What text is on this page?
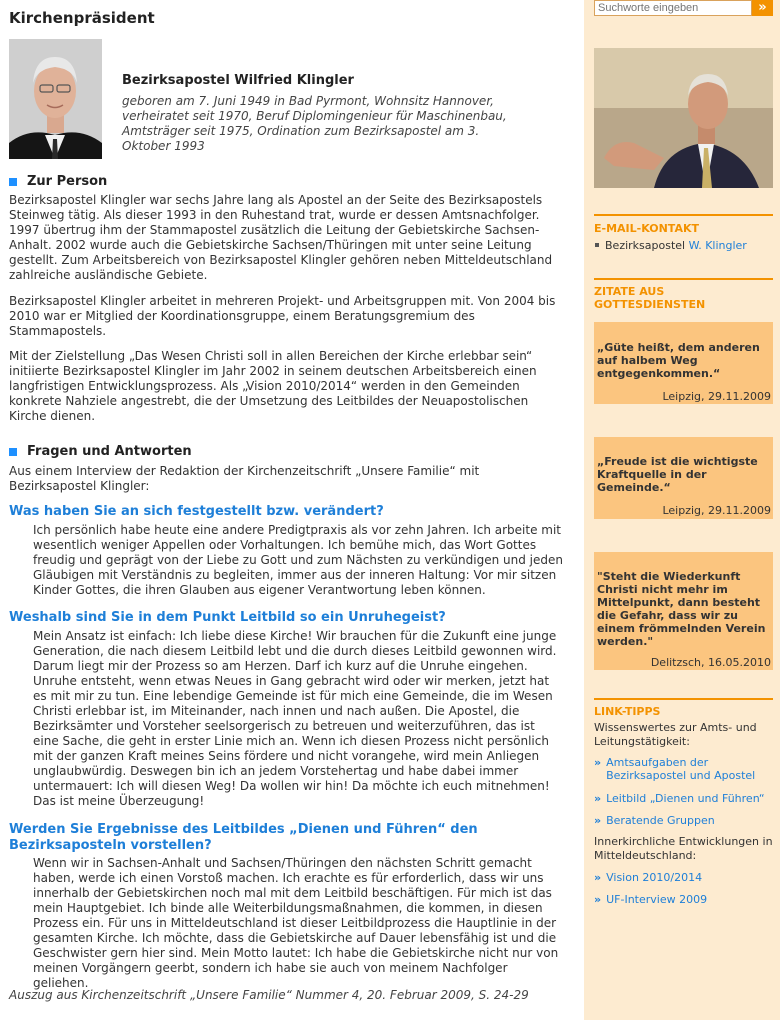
Kirchenpräsident
Bezirksapostel Wilfried Klingler
geboren am 7. Juni 1949 in Bad Pyrmont, Wohnsitz Hannover, verheiratet seit 1970, Beruf Diplomingenieur für Maschinenbau, Amtsträger seit 1975, Ordination zum Bezirksapostel am 3. Oktober 1993
Zur Person

Bezirksapostel Klingler war sechs Jahre lang als Apostel an der Seite des Bezirksapostels Steinweg tätig. Als dieser 1993 in den Ruhestand trat, wurde er dessen Amtsnachfolger. 1997 übertrug ihm der Stammapostel zusätzlich die Leitung der Gebietskirche Sachsen-Anhalt. 2002 wurde auch die Gebietskirche Sachsen/Thüringen mit unter seine Leitung gestellt. Zum Arbeitsbereich von Bezirksapostel Klingler gehören neben Mitteldeutschland zahlreiche ausländische Gebiete.

Bezirksapostel Klingler arbeitet in mehreren Projekt- und Arbeitsgruppen mit. Von 2004 bis 2010 war er Mitglied der Koordinationsgruppe, einem Beratungsgremium des Stammapostels.

Mit der Zielstellung „Das Wesen Christi soll in allen Bereichen der Kirche erlebbar sein“ initiierte Bezirksapostel Klingler im Jahr 2002 in seinem deutschen Arbeitsbereich einen langfristigen Entwicklungsprozess. Als „Vision 2010/2014“ werden in den Gemeinden konkrete Nahziele angestrebt, die der Umsetzung des Leitbildes der Neuapostolischen Kirche dienen.

Fragen und Antworten

Aus einem Interview der Redaktion der Kirchenzeitschrift „Unsere Familie“ mit Bezirksapostel Klingler:

Was haben Sie an sich festgestellt bzw. verändert?

Ich persönlich habe heute eine andere Predigtpraxis als vor zehn Jahren. Ich arbeite mit wesentlich weniger Appellen oder Vorhaltungen. Ich bemühe mich, das Wort Gottes freudig und geprägt von der Liebe zu Gott und zum Nächsten zu verkündigen und jeden Gläubigen mit Verständnis zu begleiten, immer aus der inneren Haltung: Vor mir sitzen Kinder Gottes, die ihren Glauben aus eigener Verantwortung leben können.

Weshalb sind Sie in dem Punkt Leitbild so ein Unruhegeist?

Mein Ansatz ist einfach: Ich liebe diese Kirche! Wir brauchen für die Zukunft eine junge Generation, die nach diesem Leitbild lebt und die durch dieses Leitbild gewonnen wird. Darum liegt mir der Prozess so am Herzen. Darf ich kurz auf die Unruhe eingehen. Unruhe entsteht, wenn etwas Neues in Gang gebracht wird oder wir merken, jetzt hat es mit mir zu tun. Eine lebendige Gemeinde ist für mich eine Gemeinde, die im Wesen Christi erlebbar ist, im Miteinander, nach innen und nach außen. Die Apostel, die Bezirksämter und Vorsteher seelsorgerisch zu betreuen und weiterzuführen, das ist eine Sache, die geht in erster Linie mich an. Wenn ich diesen Prozess nicht persönlich mit der ganzen Kraft meines Seins fördere und nicht vorangehe, wird mein Anliegen unglaubwürdig. Deswegen bin ich an jedem Vorstehertag und habe dabei immer untermauert: Ich will diesen Weg! Da wollen wir hin! Da möchte ich euch mitnehmen! Das ist meine Überzeugung!

Werden Sie Ergebnisse des Leitbildes „Dienen und Führen“ den Bezirksaposteln vorstellen?

Wenn wir in Sachsen-Anhalt und Sachsen/Thüringen den nächsten Schritt gemacht haben, werde ich einen Vorstoß machen. Ich erachte es für erforderlich, dass wir uns innerhalb der Gebietskirchen noch mal mit dem Leitbild beschäftigen. Für mich ist das mein Hauptgebiet. Ich binde alle Weiterbildungsmaßnahmen, die kommen, in diesen Prozess ein. Für uns in Mitteldeutschland ist dieser Leitbildprozess die Hauptlinie in der gesamten Kirche. Ich möchte, dass die Gebietskirche auf Dauer lebensfähig ist und die Geschwister gern hier sind. Mein Motto lautet: Ich habe die Gebietskirche nicht nur von meinen Vorgängern geerbt, sondern ich habe sie auch von meinem Nachfolger geliehen.

Auszug aus Kirchenzeitschrift „Unsere Familie“ Nummer 4, 20. Februar 2009, S. 24-29

Suchworte eingeben
»
E-MAIL-KONTAKT
Bezirksapostel
W. Klingler
ZITATE AUS GOTTESDIENSTEN
„Güte heißt, dem anderen auf halbem Weg entgegenkommen.“
Leipzig, 29.11.2009
„Freude ist die wichtigste Kraftquelle in der Gemeinde.“
Leipzig, 29.11.2009
"Steht die Wiederkunft Christi nicht mehr im Mittelpunkt, dann besteht die Gefahr, dass wir zu einem frömmelnden Verein werden."
Delitzsch, 16.05.2010
LINK-TIPPS
Wissenswertes zur Amts- und Leitungstätigkeit:
» Amtsaufgaben der Bezirksapostel und Apostel
» Leitbild „Dienen und Führen“
» Beratende Gruppen
Innerkirchliche Entwicklungen in Mitteldeutschland:
» Vision 2010/2014
» UF-Interview 2009
